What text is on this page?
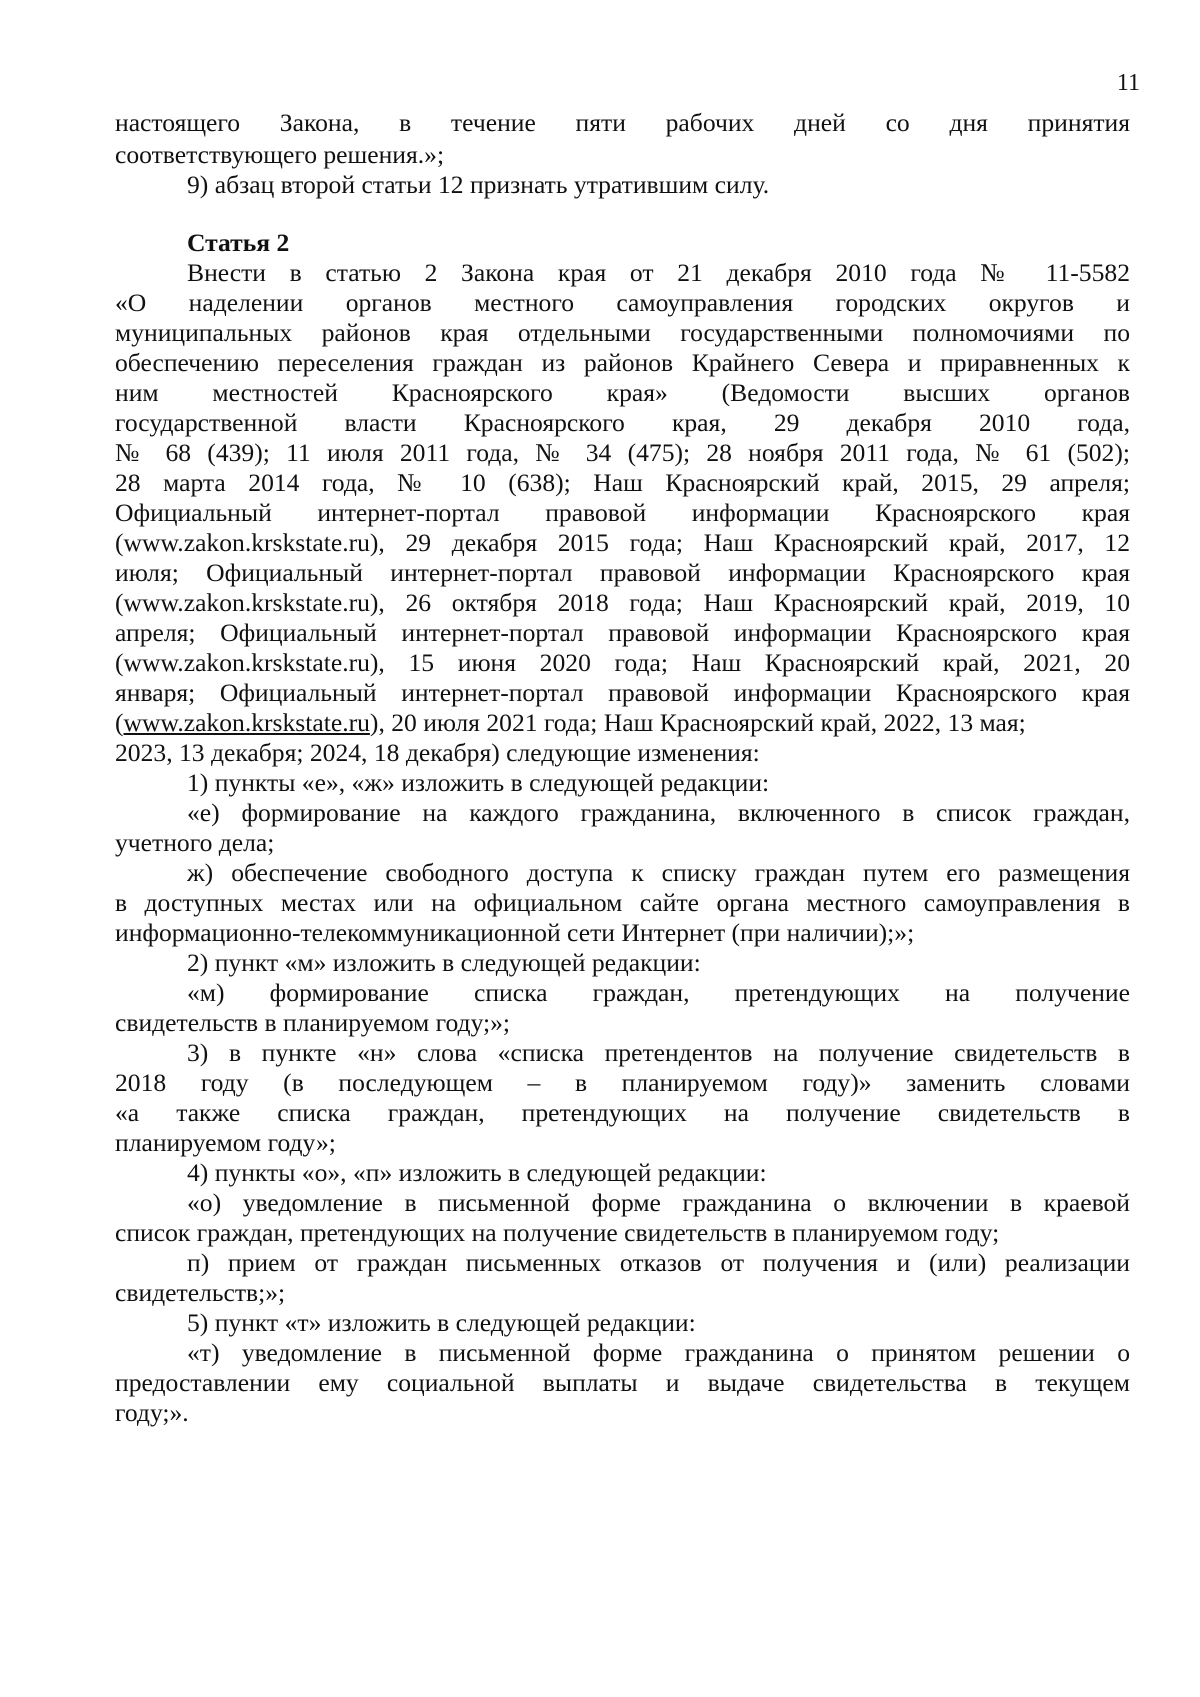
11
настоящего Закона, в течение пяти рабочих дней со дня принятия
соответствующего решения.»;
9) абзац второй статьи 12 признать утратившим силу.
Статья 2
Внести в статью 2 Закона края от 21 декабря 2010 года № 11-5582
«О наделении органов местного самоуправления городских округов и
муниципальных районов края отдельными государственными полномочиями по
обеспечению переселения граждан из районов Крайнего Севера и приравненных к
ним местностей Красноярского края» (Ведомости высших органов
государственной власти Красноярского края, 29 декабря 2010 года,
№ 68 (439); 11 июля 2011 года, № 34 (475); 28 ноября 2011 года, № 61 (502);
28 марта 2014 года, № 10 (638); Наш Красноярский край, 2015, 29 апреля;
Официальный интернет-портал правовой информации Красноярского края
(www.zakon.krskstate.ru), 29 декабря 2015 года; Наш Красноярский край, 2017, 12
июля; Официальный интернет-портал правовой информации Красноярского края
(www.zakon.krskstate.ru), 26 октября 2018 года; Наш Красноярский край, 2019, 10
апреля; Официальный интернет-портал правовой информации Красноярского края
(www.zakon.krskstate.ru), 15 июня 2020 года; Наш Красноярский край, 2021, 20
января; Официальный интернет-портал правовой информации Красноярского края
(www.zakon.krskstate.ru), 20 июля 2021 года; Наш Красноярский край, 2022, 13 мая;
2023, 13 декабря; 2024, 18 декабря) следующие изменения:
1) пункты «е», «ж» изложить в следующей редакции:
«е) формирование на каждого гражданина, включенного в список граждан,
учетного дела;
ж) обеспечение свободного доступа к списку граждан путем его размещения
в доступных местах или на официальном сайте органа местного самоуправления в
информационно-телекоммуникационной сети Интернет (при наличии);»;
2) пункт «м» изложить в следующей редакции:
«м) формирование списка граждан, претендующих на получение
свидетельств в планируемом году;»;
3) в пункте «н» слова «списка претендентов на получение свидетельств в
2018 году (в последующем – в планируемом году)» заменить словами
«а также списка граждан, претендующих на получение свидетельств в
планируемом году»;
4) пункты «о», «п» изложить в следующей редакции:
«о) уведомление в письменной форме гражданина о включении в краевой
список граждан, претендующих на получение свидетельств в планируемом году;
п) прием от граждан письменных отказов от получения и (или) реализации
свидетельств;»;
5) пункт «т» изложить в следующей редакции:
«т) уведомление в письменной форме гражданина о принятом решении о
предоставлении ему социальной выплаты и выдаче свидетельства в текущем
году;».
